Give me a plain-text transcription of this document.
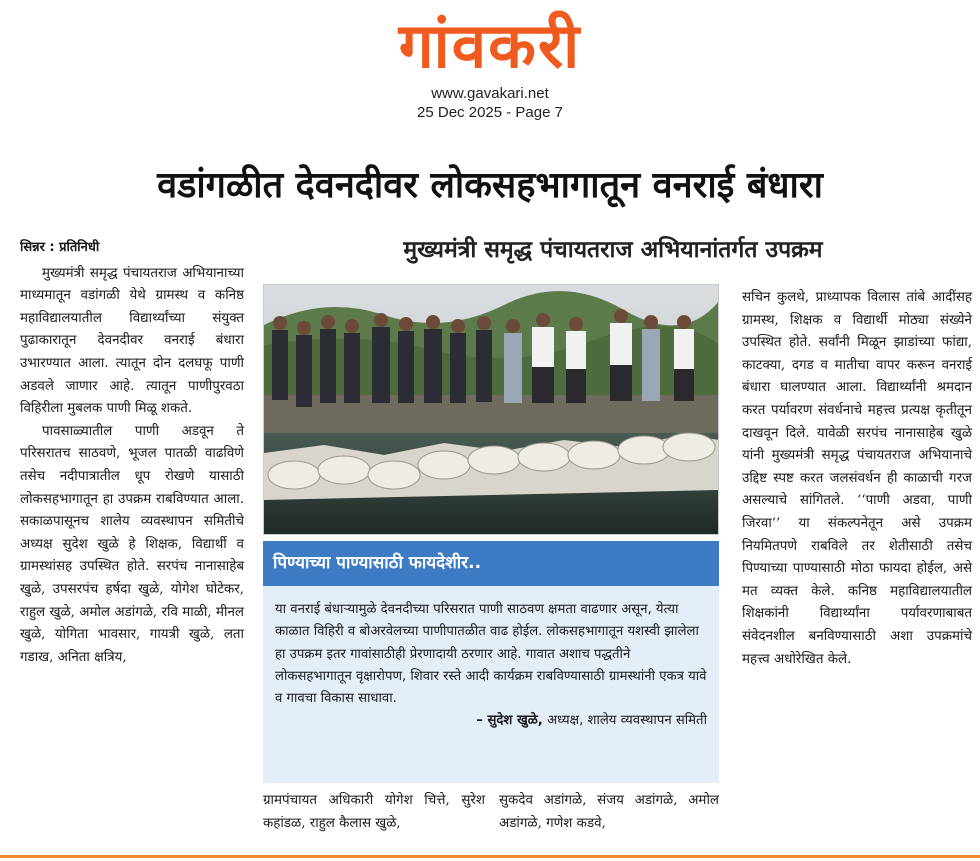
गांवकरी
www.gavakari.net
25 Dec 2025 - Page 7
वडांगळीत देवनदीवर लोकसहभागातून वनराई बंधारा
मुख्यमंत्री समृद्ध पंचायतराज अभियानांतर्गत उपक्रम

सिन्नर : प्रतिनिधी

मुख्यमंत्री समृद्ध पंचायतराज अभियानाच्या माध्यमातून वडांगळी येथे ग्रामस्थ व कनिष्ठ महाविद्यालयातील विद्यार्थ्यांच्या संयुक्त पुढाकारातून देवनदीवर वनराई बंधारा उभारण्यात आला. त्यातून दोन दलघफू पाणी अडवले जाणार आहे. त्यातून पाणीपुरवठा विहिरीला मुबलक पाणी मिळू शकते.

पावसाळ्यातील पाणी अडवून ते परिसरातच साठवणे, भूजल पातळी वाढविणे तसेच नदीपात्रातील धूप रोखणे यासाठी लोकसहभागातून हा उपक्रम राबविण्यात आला. सकाळपासूनच शालेय व्यवस्थापन समितीचे अध्यक्ष सुदेश खुळे हे शिक्षक, विद्यार्थी व ग्रामस्थांसह उपस्थित होते. सरपंच नानासाहेब खुळे, उपसरपंच हर्षदा खुळे, योगेश घोटेकर, राहुल खुळे, अमोल अडांगळे, रवि माळी, मीनल खुळे, योगिता भावसार, गायत्री खुळे, लता गडाख, अनिता क्षत्रिय,

पिण्याच्या पाण्यासाठी फायदेशीर..

या वनराई बंधाऱ्यामुळे देवनदीच्या परिसरात पाणी साठवण क्षमता वाढणार असून, येत्या काळात विहिरी व बोअरवेलच्या पाणीपातळीत वाढ होईल. लोकसहभागातून यशस्वी झालेला हा उपक्रम इतर गावांसाठीही प्रेरणादायी ठरणार आहे. गावात अशाच पद्धतीने लोकसहभागातून वृक्षारोपण, शिवार रस्ते आदी कार्यक्रम राबविण्यासाठी ग्रामस्थांनी एकत्र यावे व गावचा विकास साधावा.

– सुदेश खुळे, अध्यक्ष, शालेय व्यवस्थापन समिती

ग्रामपंचायत अधिकारी योगेश चित्ते, सुरेश कहांडळ, राहुल कैलास खुळे,
सुकदेव अडांगळे, संजय अडांगळे, अमोल अडांगळे, गणेश कडवे,

सचिन कुलथे, प्राध्यापक विलास तांबे आदींसह ग्रामस्थ, शिक्षक व विद्यार्थी मोठ्या संख्येने उपस्थित होते. सर्वांनी मिळून झाडांच्या फांद्या, काटक्या, दगड व मातीचा वापर करून वनराई बंधारा घालण्यात आला. विद्यार्थ्यांनी श्रमदान करत पर्यावरण संवर्धनाचे महत्त्व प्रत्यक्ष कृतीतून दाखवून दिले. यावेळी सरपंच नानासाहेब खुळे यांनी मुख्यमंत्री समृद्ध पंचायतराज अभियानाचे उद्दिष्ट स्पष्ट करत जलसंवर्धन ही काळाची गरज असल्याचे सांगितले. ‘‘पाणी अडवा, पाणी जिरवा’’ या संकल्पनेतून असे उपक्रम नियमितपणे राबविले तर शेतीसाठी तसेच पिण्याच्या पाण्यासाठी मोठा फायदा होईल, असे मत व्यक्त केले. कनिष्ठ महाविद्यालयातील शिक्षकांनी विद्यार्थ्यांना पर्यावरणाबाबत संवेदनशील बनविण्यासाठी अशा उपक्रमांचे महत्त्व अधोरेखित केले.
